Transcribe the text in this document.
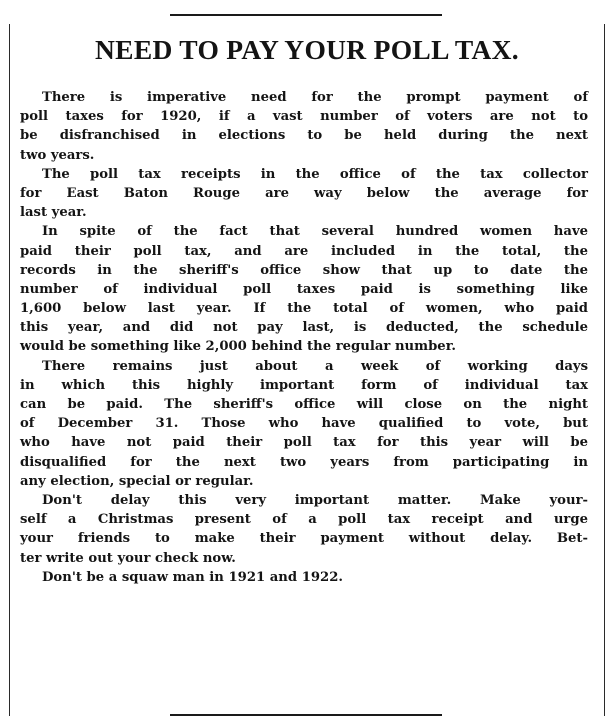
NEED TO PAY YOUR POLL TAX.
There is imperative need for the prompt payment of
poll taxes for 1920, if a vast number of voters are not to
be disfranchised in elections to be held during the next
two years.
The poll tax receipts in the office of the tax collector
for East Baton Rouge are way below the average for
last year.
In spite of the fact that several hundred women have
paid their poll tax, and are included in the total, the
records in the sheriff's office show that up to date the
number of individual poll taxes paid is something like
1,600 below last year. If the total of women, who paid
this year, and did not pay last, is deducted, the schedule
would be something like 2,000 behind the regular number.
There remains just about a week of working days
in which this highly important form of individual tax
can be paid. The sheriff's office will close on the night
of December 31. Those who have qualified to vote, but
who have not paid their poll tax for this year will be
disqualified for the next two years from participating in
any election, special or regular.
Don't delay this very important matter. Make your-
self a Christmas present of a poll tax receipt and urge
your friends to make their payment without delay. Bet-
ter write out your check now.
Don't be a squaw man in 1921 and 1922.
